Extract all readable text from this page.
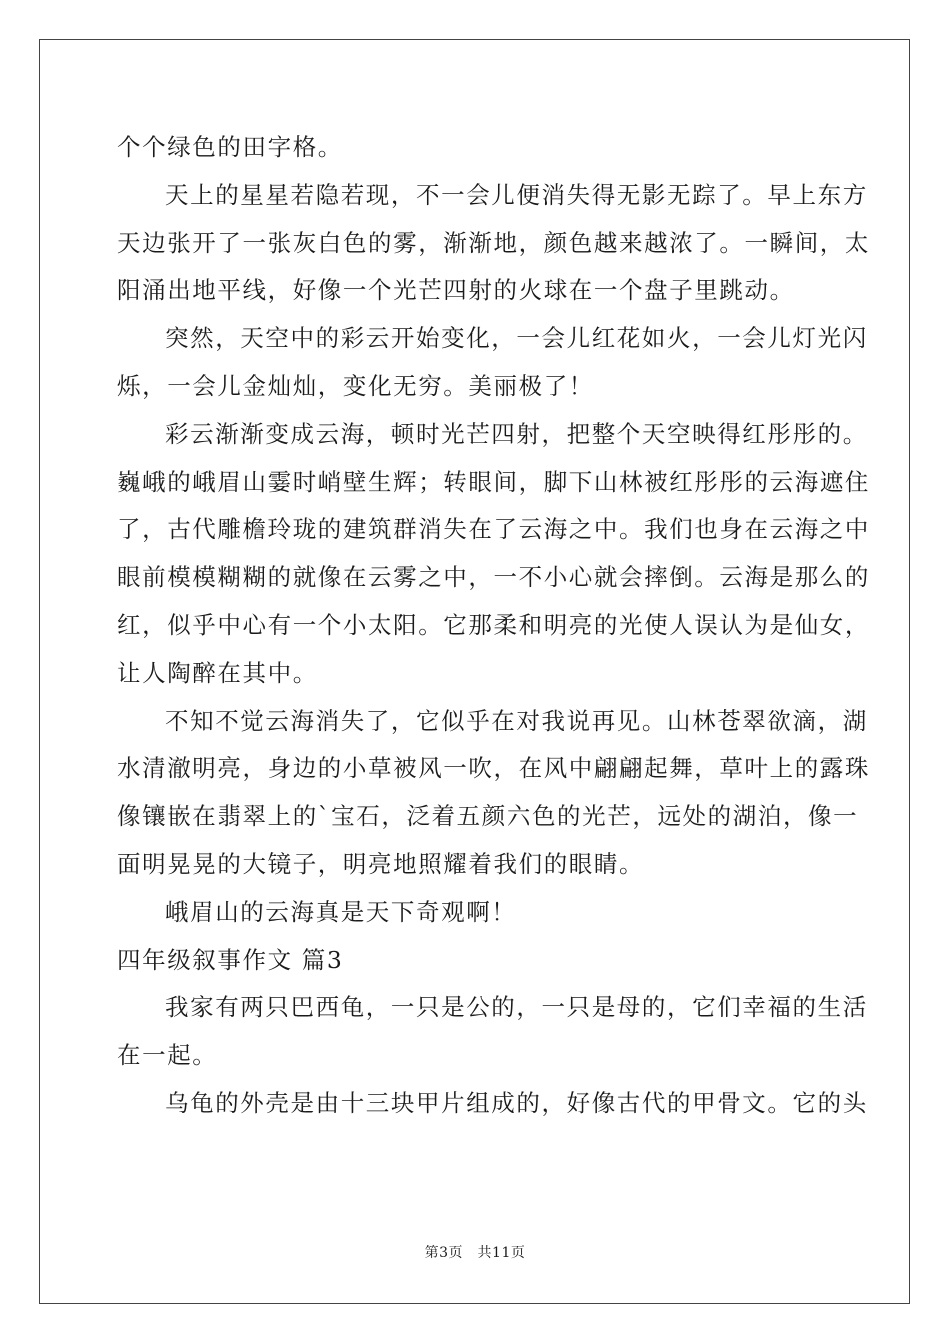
个个绿色的田字格。
天上的星星若隐若现，不一会儿便消失得无影无踪了。早上东方
天边张开了一张灰白色的雾，渐渐地，颜色越来越浓了。一瞬间，太
阳涌出地平线，好像一个光芒四射的火球在一个盘子里跳动。
突然，天空中的彩云开始变化，一会儿红花如火，一会儿灯光闪
烁，一会儿金灿灿，变化无穷。美丽极了！
彩云渐渐变成云海，顿时光芒四射，把整个天空映得红彤彤的。
巍峨的峨眉山霎时峭壁生辉；转眼间，脚下山林被红彤彤的云海遮住
了，古代雕檐玲珑的建筑群消失在了云海之中。我们也身在云海之中
眼前模模糊糊的就像在云雾之中，一不小心就会摔倒。云海是那么的
红，似乎中心有一个小太阳。它那柔和明亮的光使人误认为是仙女，
让人陶醉在其中。
不知不觉云海消失了，它似乎在对我说再见。山林苍翠欲滴，湖
水清澈明亮，身边的小草被风一吹，在风中翩翩起舞，草叶上的露珠
像镶嵌在翡翠上的`宝石，泛着五颜六色的光芒，远处的湖泊，像一
面明晃晃的大镜子，明亮地照耀着我们的眼睛。
峨眉山的云海真是天下奇观啊！
四年级叙事作文 篇3
我家有两只巴西龟，一只是公的，一只是母的，它们幸福的生活
在一起。
乌龟的外壳是由十三块甲片组成的，好像古代的甲骨文。它的头
第3页　共11页
